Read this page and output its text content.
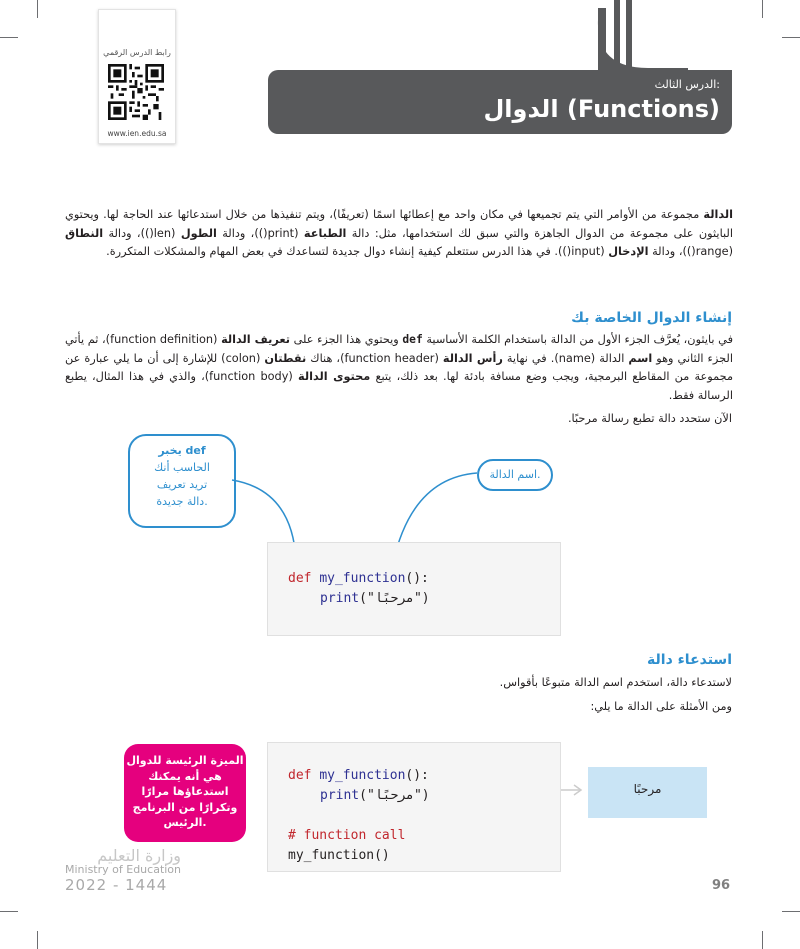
رابط الدرس الرقمي
www.ien.edu.sa
الدرس الثالث:
الدوال (Functions)
الدالة مجموعة من الأوامر التي يتم تجميعها في مكان واحد مع إعطائها اسمًا (تعريفًا)، ويتم تنفيذها من خلال استدعائها عند الحاجة لها. ويحتوي البايثون على مجموعة من الدوال الجاهزة والتي سبق لك استخدامها، مثل: دالة الطباعة (print())، ودالة الطول (len())، ودالة النطاق (range())، ودالة الإدخال (input()). في هذا الدرس ستتعلم كيفية إنشاء دوال جديدة لتساعدك في بعض المهام والمشكلات المتكررة.
إنشاء الدوال الخاصة بك
في بايثون، يُعرَّف الجزء الأول من الدالة باستخدام الكلمة الأساسية def ويحتوي هذا الجزء على تعريف الدالة (function definition)، ثم يأتي الجزء الثاني وهو اسم الدالة (name). في نهاية رأس الدالة (function header)، هناك نقطتان (colon) للإشارة إلى أن ما يلي عبارة عن مجموعة من المقاطع البرمجية، ويجب وضع مسافة بادئة لها. بعد ذلك، يتبع محتوى الدالة (function body)، والذي في هذا المثال، يطبع الرسالة فقط.
الآن ستحدد دالة تطبع رسالة مرحبًا.
يخبر def
الحاسب أنك
تريد تعريف
دالة جديدة.
اسم الدالة.
def my_function():
print("مرحبًا")
استدعاء دالة
لاستدعاء دالة، استخدم اسم الدالة متبوعًا بأقواس.
ومن الأمثلة على الدالة ما يلي:
الميزة الرئيسة للدوال
هي أنه يمكنك
استدعاؤها مرارًا
وتكرارًا من البرنامج
الرئيس.
def my_function():
print("مرحبًا")
# function call
my_function()
مرحبًا
وزارة التعليم
Ministry of Education
2022 - 1444	96
